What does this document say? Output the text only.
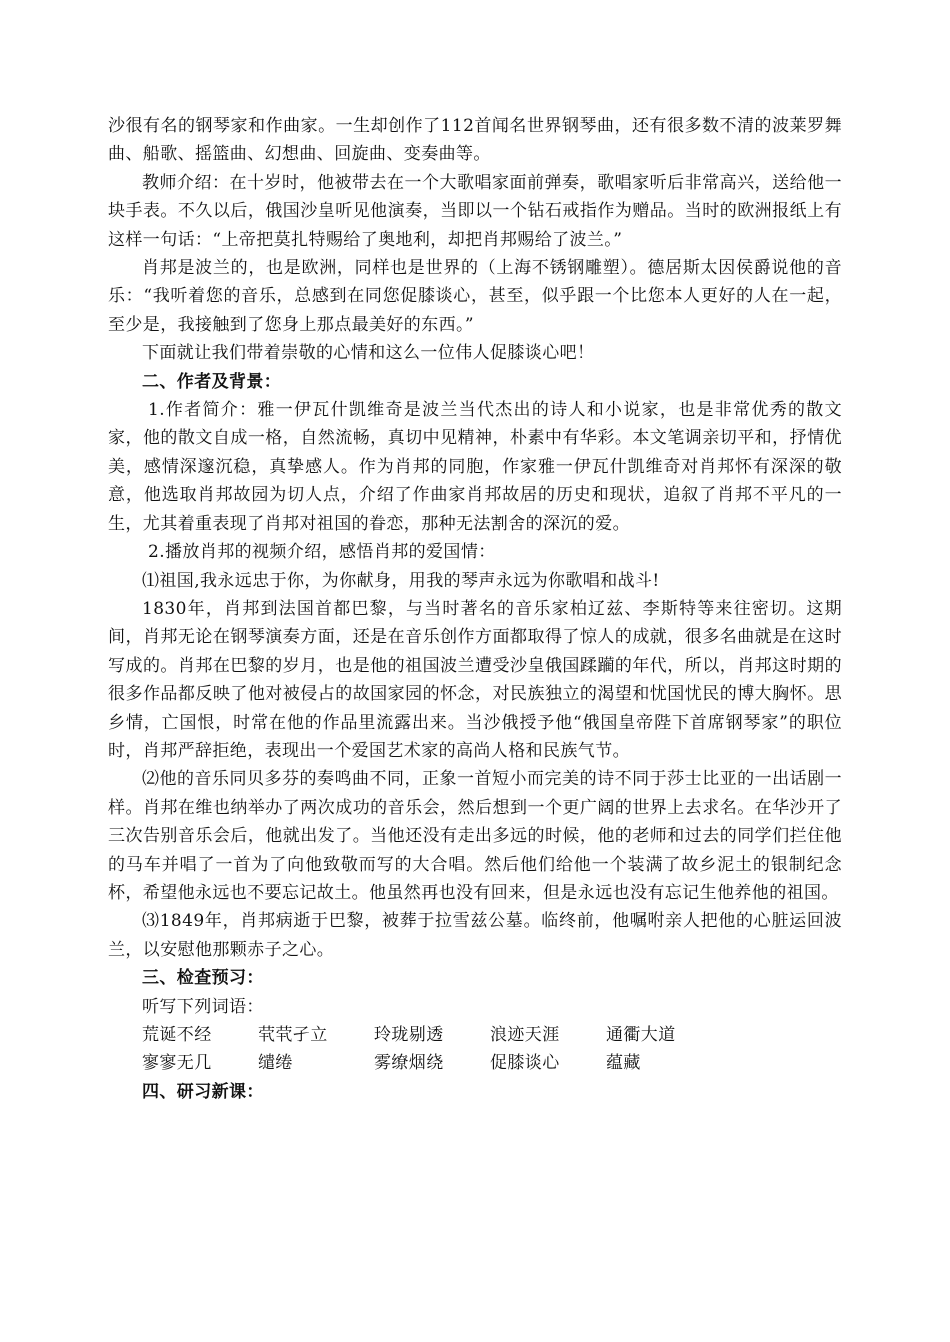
沙很有名的钢琴家和作曲家。一生却创作了112首闻名世界钢琴曲，还有很多数不清的波莱罗舞曲、船歌、摇篮曲、幻想曲、回旋曲、变奏曲等。

教师介绍：在十岁时，他被带去在一个大歌唱家面前弹奏，歌唱家听后非常高兴，送给他一块手表。不久以后，俄国沙皇听见他演奏，当即以一个钻石戒指作为赠品。当时的欧洲报纸上有这样一句话：“上帝把莫扎特赐给了奥地利，却把肖邦赐给了波兰。”

肖邦是波兰的，也是欧洲，同样也是世界的（上海不锈钢雕塑）。德居斯太因侯爵说他的音乐：“我听着您的音乐，总感到在同您促膝谈心，甚至，似乎跟一个比您本人更好的人在一起，至少是，我接触到了您身上那点最美好的东西。”

下面就让我们带着崇敬的心情和这么一位伟人促膝谈心吧！

二、作者及背景：

1.作者简介：雅一伊瓦什凯维奇是波兰当代杰出的诗人和小说家，也是非常优秀的散文家，他的散文自成一格，自然流畅，真切中见精神，朴素中有华彩。本文笔调亲切平和，抒情优美，感情深邃沉稳，真挚感人。作为肖邦的同胞，作家雅一伊瓦什凯维奇对肖邦怀有深深的敬意，他选取肖邦故园为切人点，介绍了作曲家肖邦故居的历史和现状，追叙了肖邦不平凡的一生，尤其着重表现了肖邦对祖国的眷恋，那种无法割舍的深沉的爱。

2.播放肖邦的视频介绍，感悟肖邦的爱国情：

⑴祖国,我永远忠于你，为你献身，用我的琴声永远为你歌唱和战斗!

1830年，肖邦到法国首都巴黎，与当时著名的音乐家柏辽兹、李斯特等来往密切。这期间，肖邦无论在钢琴演奏方面，还是在音乐创作方面都取得了惊人的成就，很多名曲就是在这时写成的。肖邦在巴黎的岁月，也是他的祖国波兰遭受沙皇俄国蹂躏的年代，所以，肖邦这时期的很多作品都反映了他对被侵占的故国家园的怀念，对民族独立的渴望和忧国忧民的博大胸怀。思乡情，亡国恨，时常在他的作品里流露出来。当沙俄授予他“俄国皇帝陛下首席钢琴家”的职位时，肖邦严辞拒绝，表现出一个爱国艺术家的高尚人格和民族气节。

⑵他的音乐同贝多芬的奏鸣曲不同，正象一首短小而完美的诗不同于莎士比亚的一出话剧一样。肖邦在维也纳举办了两次成功的音乐会，然后想到一个更广阔的世界上去求名。在华沙开了三次告别音乐会后，他就出发了。当他还没有走出多远的时候，他的老师和过去的同学们拦住他的马车并唱了一首为了向他致敬而写的大合唱。然后他们给他一个装满了故乡泥土的银制纪念杯，希望他永远也不要忘记故土。他虽然再也没有回来，但是永远也没有忘记生他养他的祖国。

⑶1849年，肖邦病逝于巴黎，被葬于拉雪兹公墓。临终前，他嘱咐亲人把他的心脏运回波兰，以安慰他那颗赤子之心。

三、检查预习：

听写下列词语：

荒诞不经	茕茕孑立	玲珑剔透	浪迹天涯	通衢大道
寥寥无几	缱绻	雾缭烟绕	促膝谈心	蕴藏

四、研习新课：
